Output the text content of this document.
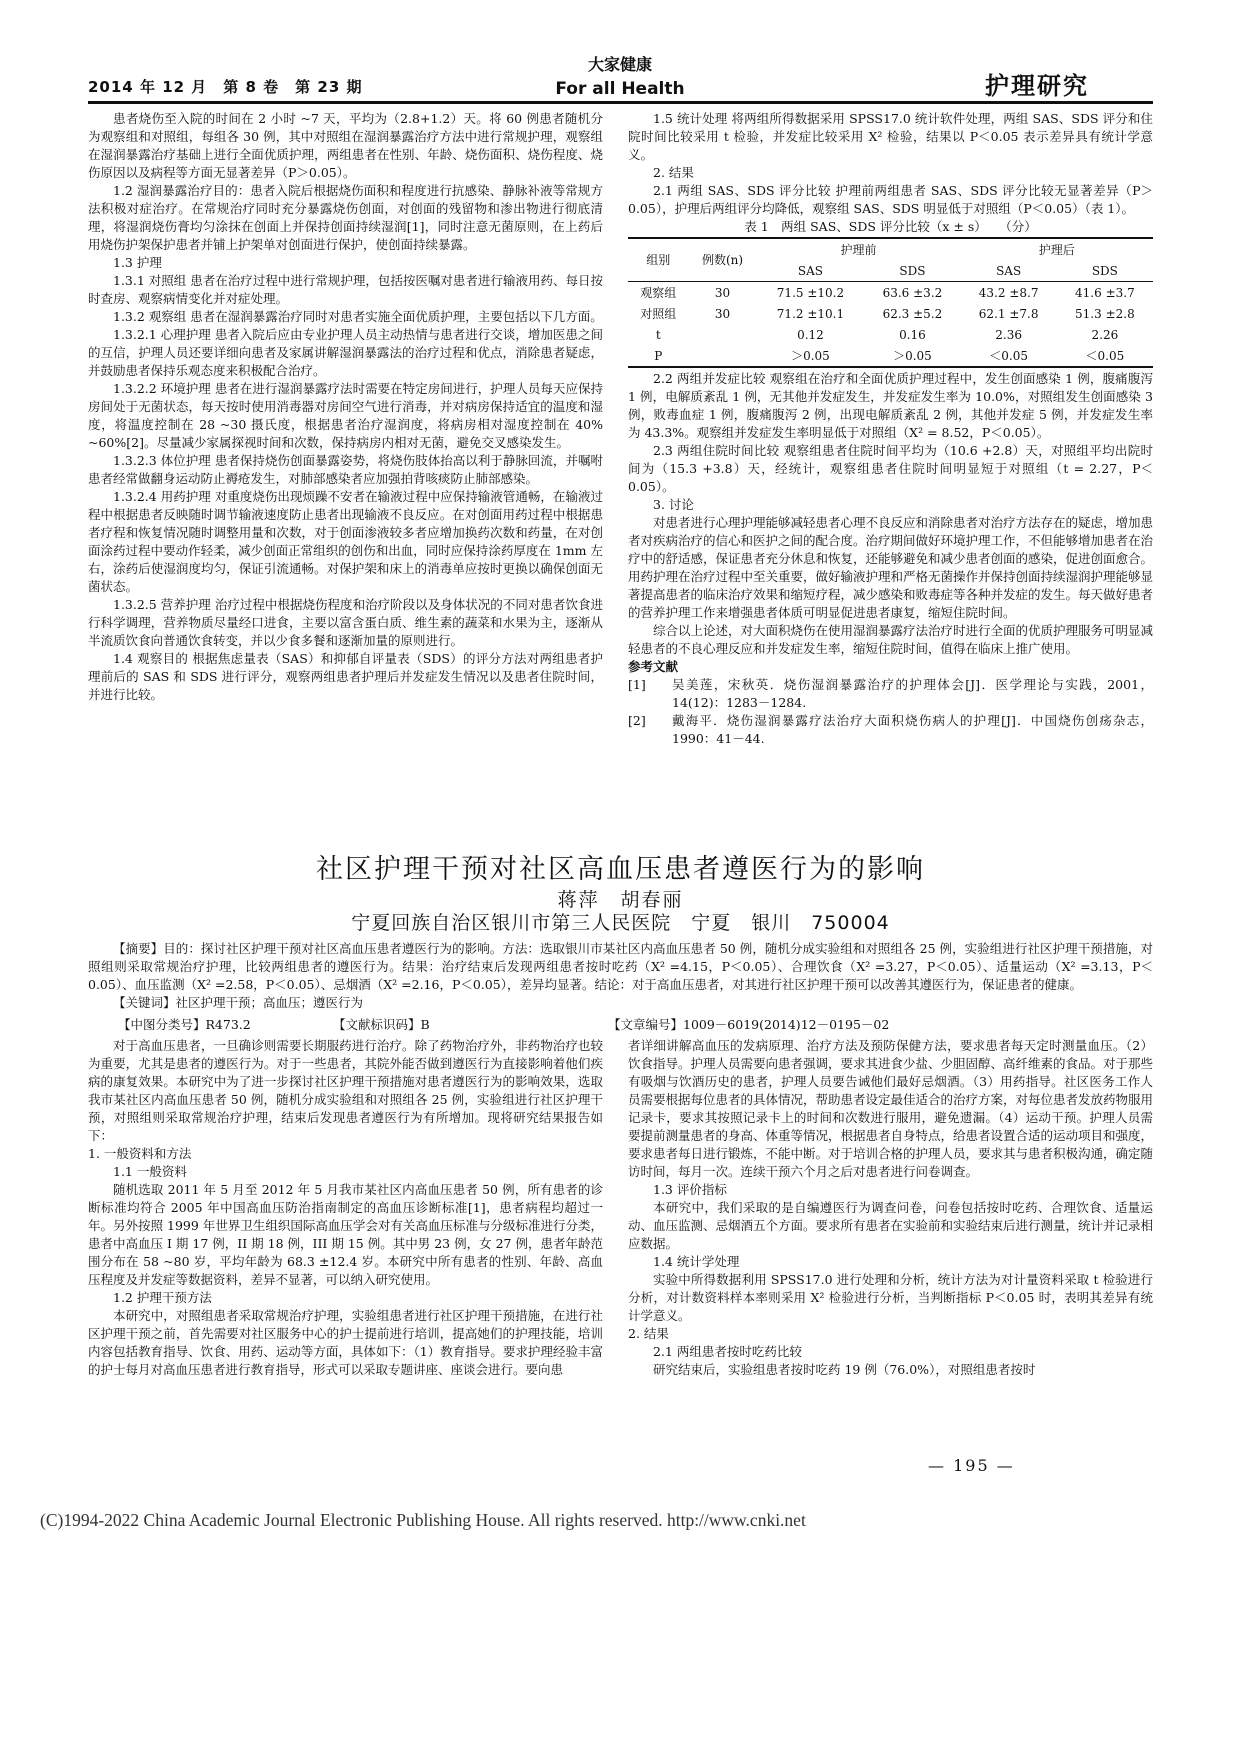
2014 年 12 月　第 8 卷　第 23 期
大家健康
For all Health	护理研究

患者烧伤至入院的时间在 2 小时 ~7 天，平均为（2.8+1.2）天。将 60 例患者随机分为观察组和对照组，每组各 30 例，其中对照组在湿润暴露治疗方法中进行常规护理，观察组在湿润暴露治疗基础上进行全面优质护理，两组患者在性别、年龄、烧伤面积、烧伤程度、烧伤原因以及病程等方面无显著差异（P＞0.05）。

1.2 湿润暴露治疗目的：患者入院后根据烧伤面积和程度进行抗感染、静脉补液等常规方法积极对症治疗。在常规治疗同时充分暴露烧伤创面，对创面的残留物和渗出物进行彻底清理，将湿润烧伤膏均匀涂抹在创面上并保持创面持续湿润[1]，同时注意无菌原则，在上药后用烧伤护架保护患者并铺上护架单对创面进行保护，使创面持续暴露。

1.3 护理

1.3.1 对照组 患者在治疗过程中进行常规护理，包括按医嘱对患者进行输液用药、每日按时查房、观察病情变化并对症处理。

1.3.2 观察组 患者在湿润暴露治疗同时对患者实施全面优质护理，主要包括以下几方面。

1.3.2.1 心理护理 患者入院后应由专业护理人员主动热情与患者进行交谈，增加医患之间的互信，护理人员还要详细向患者及家属讲解湿润暴露法的治疗过程和优点，消除患者疑虑，并鼓励患者保持乐观态度来积极配合治疗。

1.3.2.2 环境护理 患者在进行湿润暴露疗法时需要在特定房间进行，护理人员每天应保持房间处于无菌状态，每天按时使用消毒器对房间空气进行消毒，并对病房保持适宜的温度和湿度，将温度控制在 28 ~30 摄氏度，根据患者治疗湿润度，将病房相对湿度控制在 40% ~60%[2]。尽量减少家属探视时间和次数，保持病房内相对无菌，避免交叉感染发生。

1.3.2.3 体位护理 患者保持烧伤创面暴露姿势，将烧伤肢体抬高以利于静脉回流，并嘱咐患者经常做翻身运动防止褥疮发生，对肺部感染者应加强拍背咳痰防止肺部感染。

1.3.2.4 用药护理 对重度烧伤出现烦躁不安者在输液过程中应保持输液管通畅，在输液过程中根据患者反映随时调节输液速度防止患者出现输液不良反应。在对创面用药过程中根据患者疗程和恢复情况随时调整用量和次数，对于创面渗液较多者应增加换药次数和药量，在对创面涂药过程中要动作轻柔，减少创面正常组织的创伤和出血，同时应保持涂药厚度在 1mm 左右，涂药后使湿润度均匀，保证引流通畅。对保护架和床上的消毒单应按时更换以确保创面无菌状态。

1.3.2.5 营养护理 治疗过程中根据烧伤程度和治疗阶段以及身体状况的不同对患者饮食进行科学调理，营养物质尽量经口进食，主要以富含蛋白质、维生素的蔬菜和水果为主，逐渐从半流质饮食向普通饮食转变，并以少食多餐和逐渐加量的原则进行。

1.4 观察目的 根据焦虑量表（SAS）和抑郁自评量表（SDS）的评分方法对两组患者护理前后的 SAS 和 SDS 进行评分，观察两组患者护理后并发症发生情况以及患者住院时间，并进行比较。

1.5 统计处理 将两组所得数据采用 SPSS17.0 统计软件处理，两组 SAS、SDS 评分和住院时间比较采用 t 检验，并发症比较采用 X² 检验，结果以 P＜0.05 表示差异具有统计学意义。

2. 结果

2.1 两组 SAS、SDS 评分比较 护理前两组患者 SAS、SDS 评分比较无显著差异（P＞0.05），护理后两组评分均降低，观察组 SAS、SDS 明显低于对照组（P＜0.05）（表 1）。

表 1　两组 SAS、SDS 评分比较（x ± s）　　（分）
组别	例数(n)	护理前		护理后	
		SAS	SDS	SAS	SDS
观察组	30	71.5 ±10.2	63.6 ±3.2	43.2 ±8.7	41.6 ±3.7
对照组	30	71.2 ±10.1	62.3 ±5.2	62.1 ±7.8	51.3 ±2.8
t		0.12	0.16	2.36	2.26
P		＞0.05	＞0.05	＜0.05	＜0.05

2.2 两组并发症比较 观察组在治疗和全面优质护理过程中，发生创面感染 1 例，腹痛腹泻 1 例，电解质紊乱 1 例，无其他并发症发生，并发症发生率为 10.0%，对照组发生创面感染 3 例，败毒血症 1 例，腹痛腹泻 2 例，出现电解质紊乱 2 例，其他并发症 5 例，并发症发生率为 43.3%。观察组并发症发生率明显低于对照组（X² = 8.52，P＜0.05）。

2.3 两组住院时间比较 观察组患者住院时间平均为（10.6 +2.8）天，对照组平均出院时间为（15.3 +3.8）天，经统计，观察组患者住院时间明显短于对照组（t = 2.27，P＜0.05）。

3. 讨论

对患者进行心理护理能够减轻患者心理不良反应和消除患者对治疗方法存在的疑虑，增加患者对疾病治疗的信心和医护之间的配合度。治疗期间做好环境护理工作，不但能够增加患者在治疗中的舒适感，保证患者充分休息和恢复，还能够避免和减少患者创面的感染，促进创面愈合。用药护理在治疗过程中至关重要，做好输液护理和严格无菌操作并保持创面持续湿润护理能够显著提高患者的临床治疗效果和缩短疗程，减少感染和败毒症等各种并发症的发生。每天做好患者的营养护理工作来增强患者体质可明显促进患者康复，缩短住院时间。

综合以上论述，对大面积烧伤在使用湿润暴露疗法治疗时进行全面的优质护理服务可明显减轻患者的不良心理反应和并发症发生率，缩短住院时间，值得在临床上推广使用。

参考文献

[1]	吴美莲，宋秋英．烧伤湿润暴露治疗的护理体会[J]．医学理论与实践，2001，14(12)：1283－1284.
[2]	戴海平．烧伤湿润暴露疗法治疗大面积烧伤病人的护理[J]．中国烧伤创疡杂志，1990：41－44.
社区护理干预对社区高血压患者遵医行为的影响
蒋萍　胡春丽
宁夏回族自治区银川市第三人民医院　宁夏　银川　750004

【摘要】目的：探讨社区护理干预对社区高血压患者遵医行为的影响。方法：选取银川市某社区内高血压患者 50 例，随机分成实验组和对照组各 25 例，实验组进行社区护理干预措施，对照组则采取常规治疗护理，比较两组患者的遵医行为。结果：治疗结束后发现两组患者按时吃药（X² =4.15，P＜0.05）、合理饮食（X² =3.27，P＜0.05）、适量运动（X² =3.13，P＜0.05）、血压监测（X² =2.58，P＜0.05）、忌烟酒（X² =2.16，P＜0.05），差异均显著。结论：对于高血压患者，对其进行社区护理干预可以改善其遵医行为，保证患者的健康。

【关键词】社区护理干预；高血压；遵医行为

【中图分类号】R473.2	【文献标识码】B	【文章编号】1009－6019(2014)12－0195－02

对于高血压患者，一旦确诊则需要长期服药进行治疗。除了药物治疗外，非药物治疗也较为重要，尤其是患者的遵医行为。对于一些患者，其院外能否做到遵医行为直接影响着他们疾病的康复效果。本研究中为了进一步探讨社区护理干预措施对患者遵医行为的影响效果，选取我市某社区内高血压患者 50 例，随机分成实验组和对照组各 25 例，实验组进行社区护理干预，对照组则采取常规治疗护理，结束后发现患者遵医行为有所增加。现将研究结果报告如下：

1. 一般资料和方法

1.1 一般资料

随机选取 2011 年 5 月至 2012 年 5 月我市某社区内高血压患者 50 例，所有患者的诊断标准均符合 2005 年中国高血压防治指南制定的高血压诊断标准[1]，患者病程均超过一年。另外按照 1999 年世界卫生组织国际高血压学会对有关高血压标准与分级标准进行分类，患者中高血压 I 期 17 例，II 期 18 例，III 期 15 例。其中男 23 例，女 27 例，患者年龄范围分布在 58 ~80 岁，平均年龄为 68.3 ±12.4 岁。本研究中所有患者的性别、年龄、高血压程度及并发症等数据资料，差异不显著，可以纳入研究使用。

1.2 护理干预方法

本研究中，对照组患者采取常规治疗护理，实验组患者进行社区护理干预措施，在进行社区护理干预之前，首先需要对社区服务中心的护士提前进行培训，提高她们的护理技能，培训内容包括教育指导、饮食、用药、运动等方面，具体如下：（1）教育指导。要求护理经验丰富的护士每月对高血压患者进行教育指导，形式可以采取专题讲座、座谈会进行。要向患

者详细讲解高血压的发病原理、治疗方法及预防保健方法，要求患者每天定时测量血压。（2）饮食指导。护理人员需要向患者强调，要求其进食少盐、少胆固醇、高纤维素的食品。对于那些有吸烟与饮酒历史的患者，护理人员要告诫他们最好忌烟酒。（3）用药指导。社区医务工作人员需要根据每位患者的具体情况，帮助患者设定最佳适合的治疗方案，对每位患者发放药物服用记录卡，要求其按照记录卡上的时间和次数进行服用，避免遗漏。（4）运动干预。护理人员需要提前测量患者的身高、体重等情况，根据患者自身特点，给患者设置合适的运动项目和强度，要求患者每日进行锻炼，不能中断。对于培训合格的护理人员，要求其与患者积极沟通，确定随访时间，每月一次。连续干预六个月之后对患者进行问卷调查。

1.3 评价指标

本研究中，我们采取的是自编遵医行为调查问卷，问卷包括按时吃药、合理饮食、适量运动、血压监测、忌烟酒五个方面。要求所有患者在实验前和实验结束后进行测量，统计并记录相应数据。

1.4 统计学处理

实验中所得数据利用 SPSS17.0 进行处理和分析，统计方法为对计量资料采取 t 检验进行分析，对计数资料样本率则采用 X² 检验进行分析，当判断指标 P＜0.05 时，表明其差异有统计学意义。

2. 结果

2.1 两组患者按时吃药比较

研究结束后，实验组患者按时吃药 19 例（76.0%），对照组患者按时

— 195 —
(C)1994-2022 China Academic Journal Electronic Publishing House. All rights reserved. http://www.cnki.net
